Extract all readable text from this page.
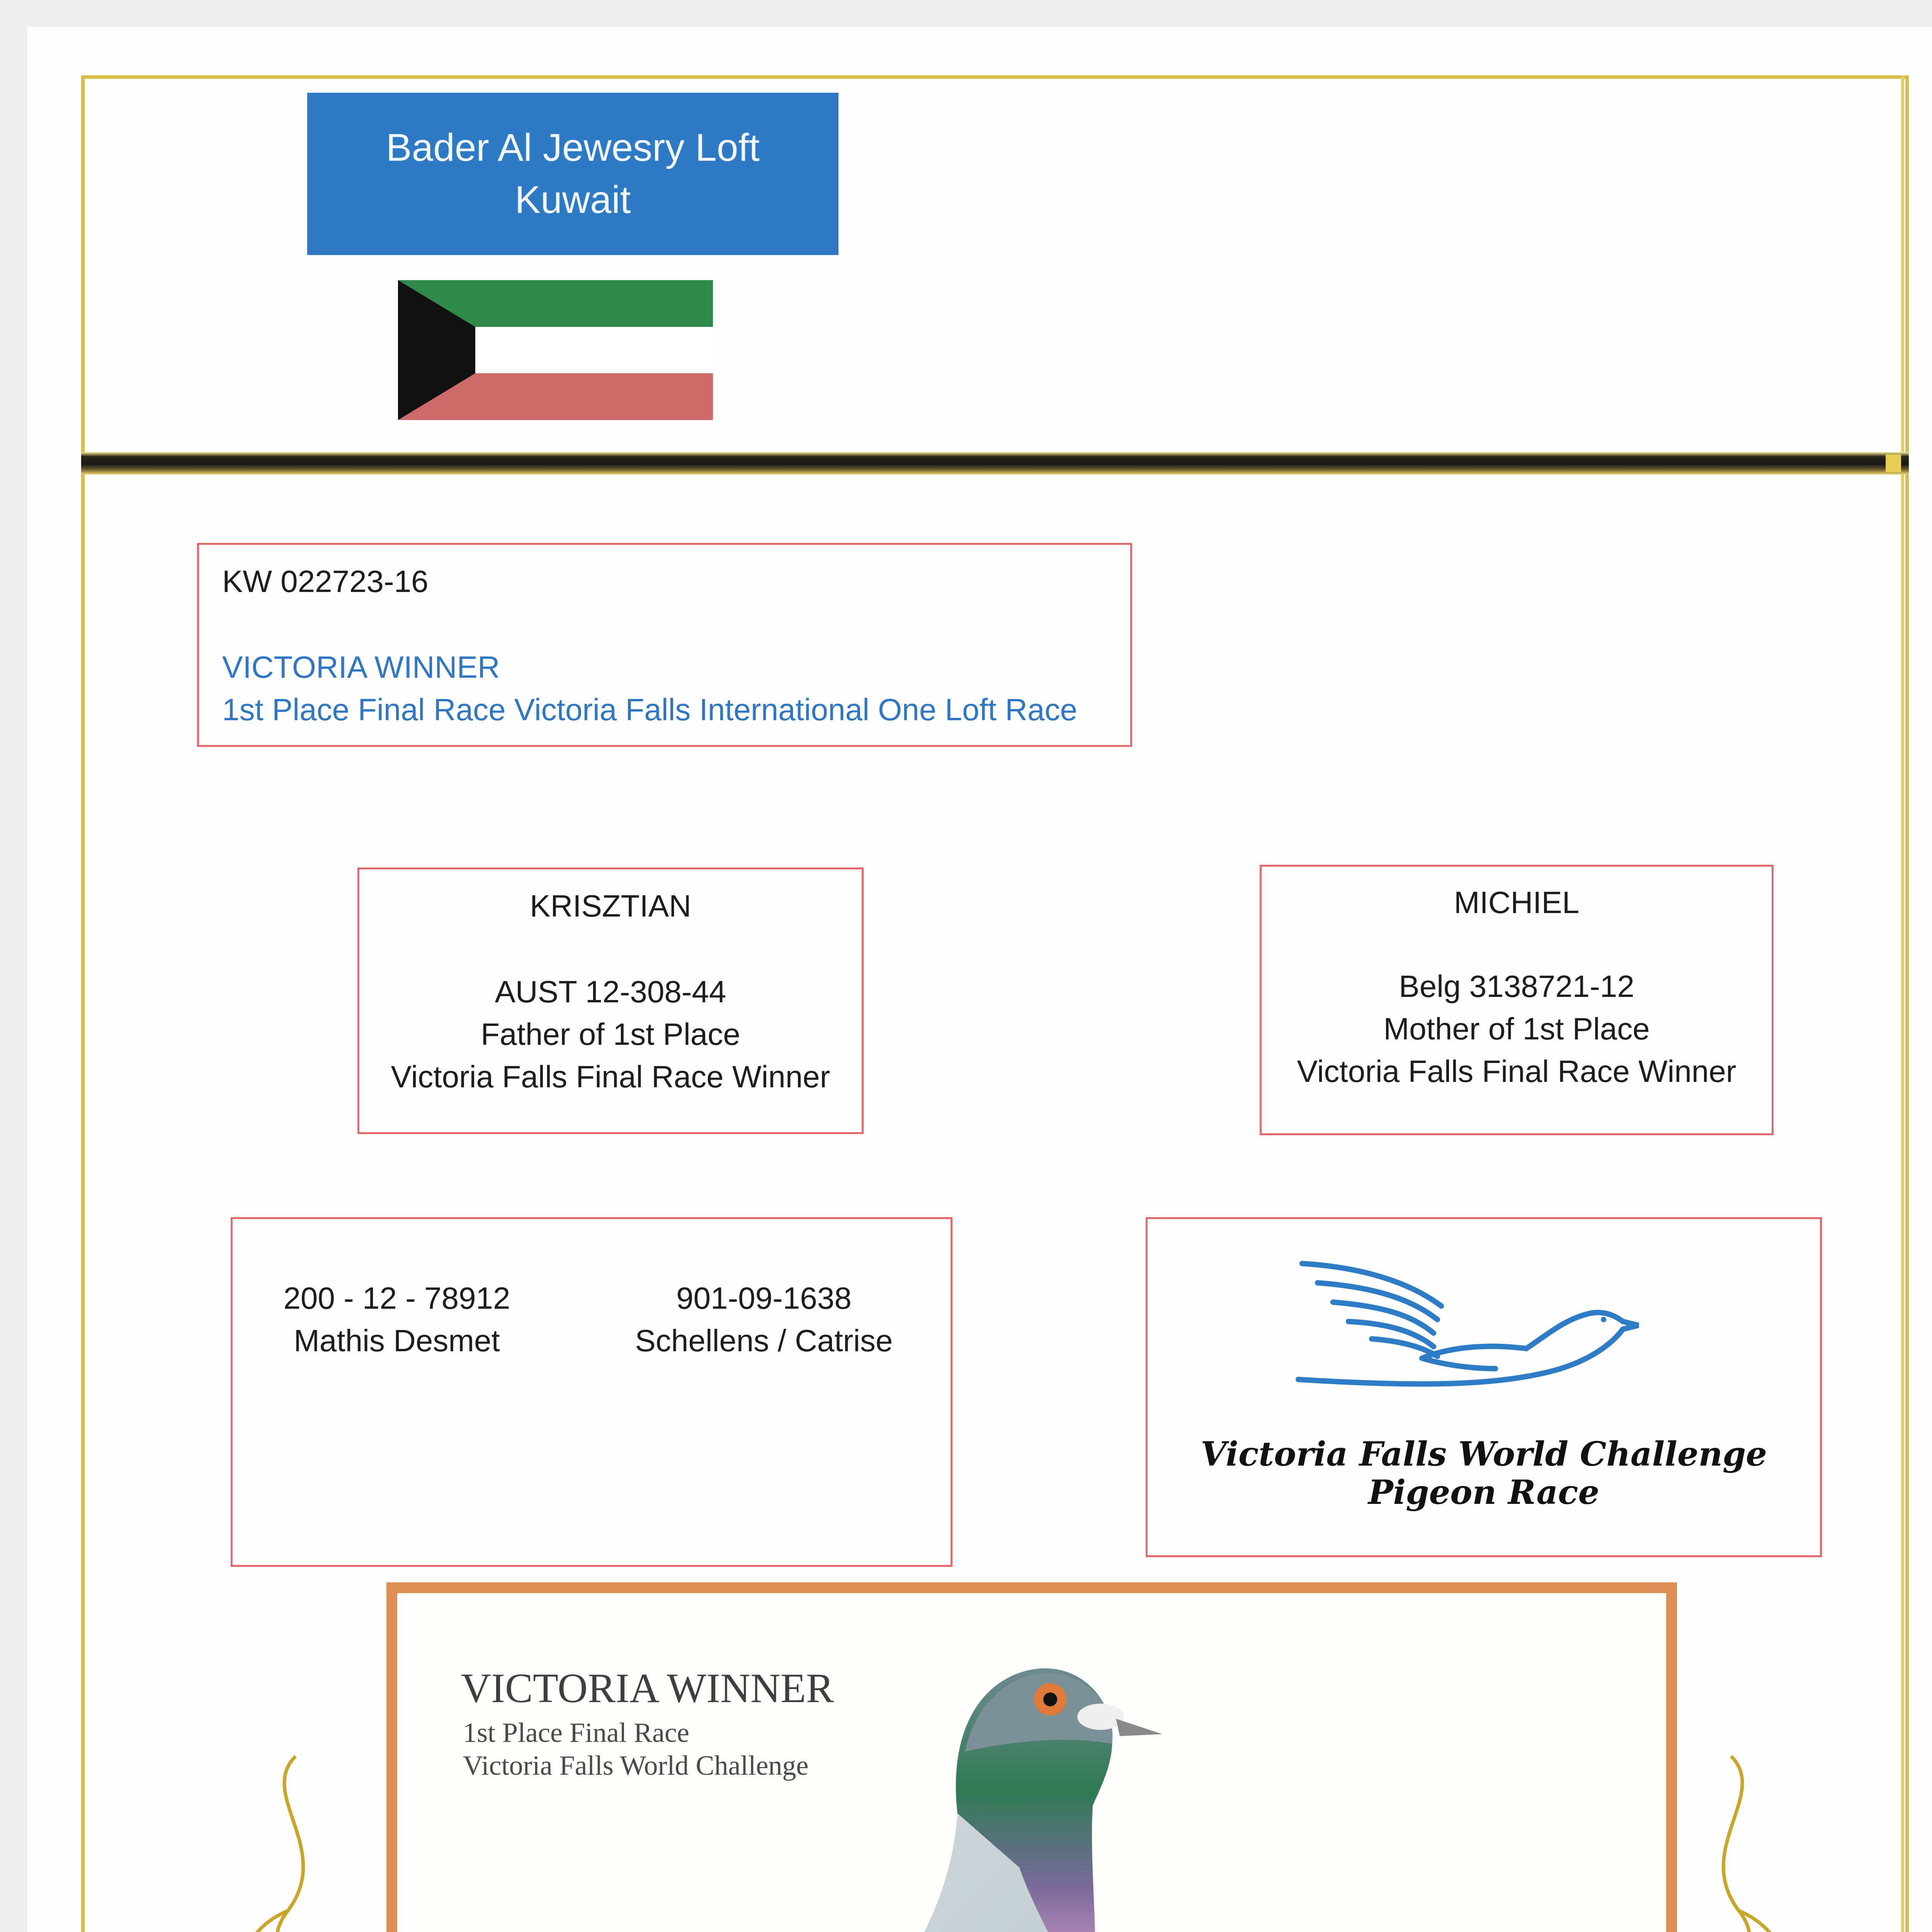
Bader Al Jewesry Loft
Kuwait
KW 022723-16
VICTORIA WINNER
1st Place Final Race Victoria Falls International One Loft Race
KRISZTIAN
AUST 12-308-44
Father of 1st Place
Victoria Falls Final Race Winner
MICHIEL
Belg 3138721-12
Mother of 1st Place
Victoria Falls Final Race Winner
200 - 12 - 78912
Mathis Desmet
901-09-1638
Schellens / Catrise
Victoria Falls World Challenge
Pigeon Race
VICTORIA WINNER
1st Place Final Race
Victoria Falls World Challenge
